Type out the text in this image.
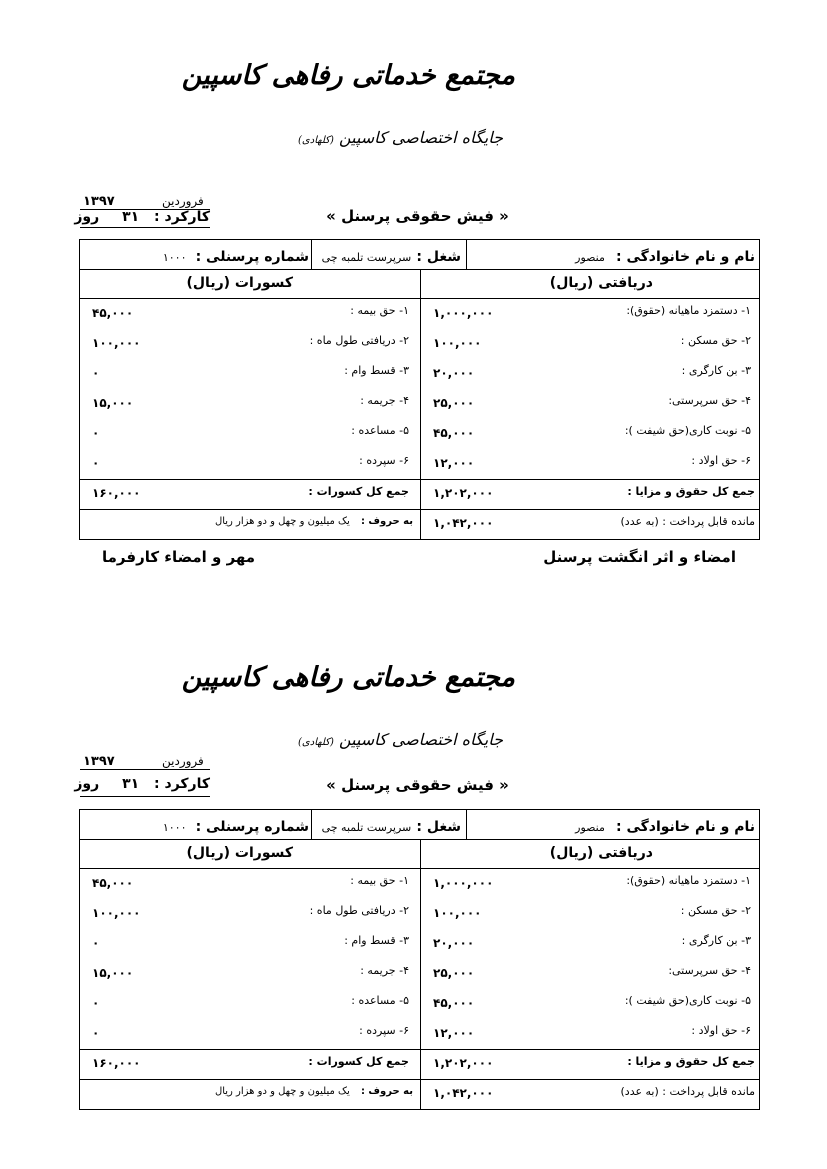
مجتمع خدماتی رفاهی کاسپین
جایگاه اختصاصی کاسپین (کلهادی)
« فیش حقوقی پرسنل »
۱۳۹۷	فروردین
کارکرد : ۳۱ روز
نام و نام خانوادگی : منصور
شغل : سرپرست تلمبه چی
شماره پرسنلی : ۱۰۰۰
دریافتی (ریال)
کسورات (ریال)
۱- دستمزد ماهیانه (حقوق):
۱,۰۰۰,۰۰۰
۲- حق مسکن :
۱۰۰,۰۰۰
۳- بن کارگری :
۲۰,۰۰۰
۴- حق سرپرستی:
۲۵,۰۰۰
۵- نوبت کاری(حق شیفت ):
۴۵,۰۰۰
۶- حق اولاد :
۱۲,۰۰۰
۱- حق بیمه :
۴۵,۰۰۰
۲- دریافتی طول ماه :
۱۰۰,۰۰۰
۳- قسط وام :
۰
۴- جریمه :
۱۵,۰۰۰
۵- مساعده :
۰
۶- سپرده :
۰
جمع کل حقوق و مزایا :
۱,۲۰۲,۰۰۰
جمع کل کسورات :
۱۶۰,۰۰۰
مانده قابل پرداخت : (به عدد)
۱,۰۴۲,۰۰۰
به حروف : یک میلیون و چهل و دو هزار ریال
امضاء و اثر انگشت پرسنل
مهر و امضاء کارفرما
مجتمع خدماتی رفاهی کاسپین
جایگاه اختصاصی کاسپین (کلهادی)
« فیش حقوقی پرسنل »
۱۳۹۷	فروردین
کارکرد : ۳۱ روز
نام و نام خانوادگی : منصور
شغل : سرپرست تلمبه چی
شماره پرسنلی : ۱۰۰۰
دریافتی (ریال)
کسورات (ریال)
۱- دستمزد ماهیانه (حقوق):
۱,۰۰۰,۰۰۰
۲- حق مسکن :
۱۰۰,۰۰۰
۳- بن کارگری :
۲۰,۰۰۰
۴- حق سرپرستی:
۲۵,۰۰۰
۵- نوبت کاری(حق شیفت ):
۴۵,۰۰۰
۶- حق اولاد :
۱۲,۰۰۰
۱- حق بیمه :
۴۵,۰۰۰
۲- دریافتی طول ماه :
۱۰۰,۰۰۰
۳- قسط وام :
۰
۴- جریمه :
۱۵,۰۰۰
۵- مساعده :
۰
۶- سپرده :
۰
جمع کل حقوق و مزایا :
۱,۲۰۲,۰۰۰
جمع کل کسورات :
۱۶۰,۰۰۰
مانده قابل پرداخت : (به عدد)
۱,۰۴۲,۰۰۰
به حروف : یک میلیون و چهل و دو هزار ریال
